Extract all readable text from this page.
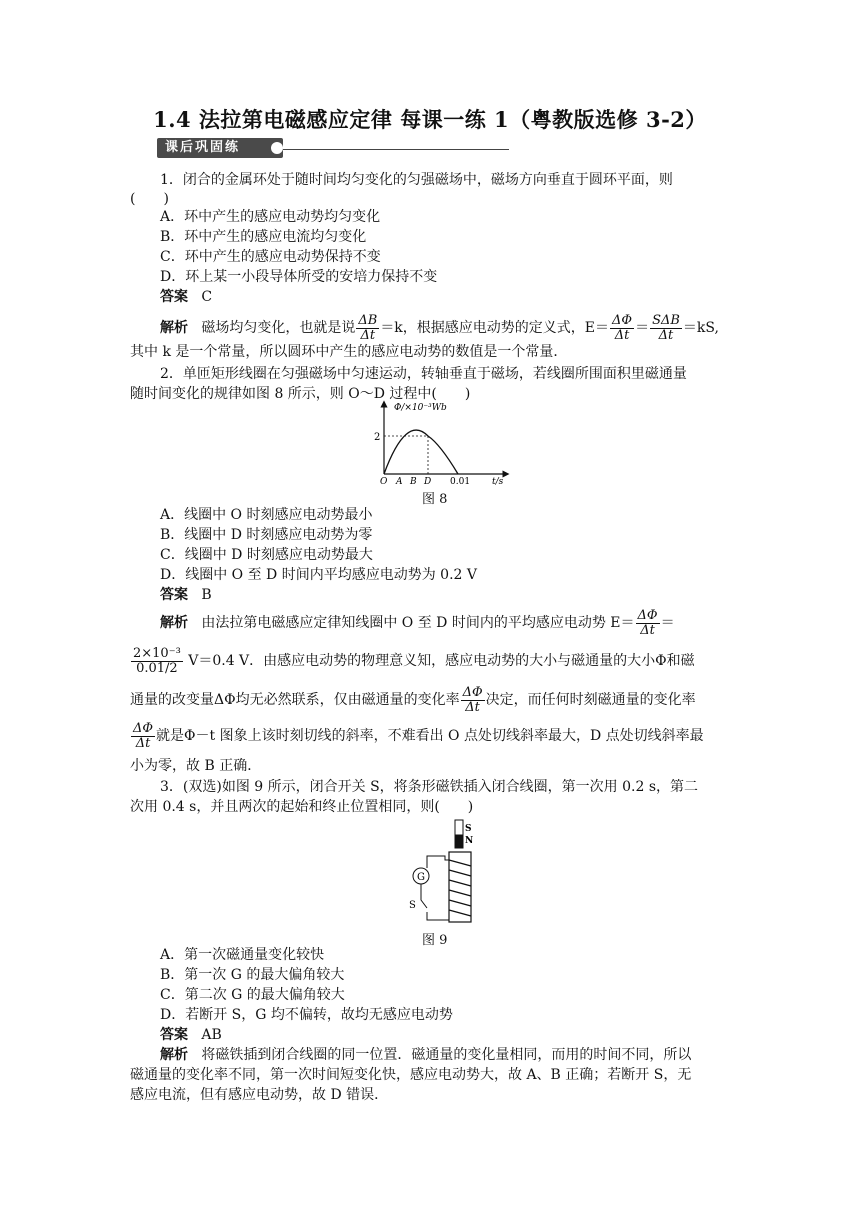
1.4 法拉第电磁感应定律 每课一练 1（粤教版选修 3-2）
课后巩固练
1．闭合的金属环处于随时间均匀变化的匀强磁场中，磁场方向垂直于圆环平面，则
(　　)
A．环中产生的感应电动势均匀变化
B．环中产生的感应电流均匀变化
C．环中产生的感应电动势保持不变
D．环上某一小段导体所受的安培力保持不变
答案 C
解析 磁场均匀变化，也就是说 $\frac{\Delta B}{\Delta t} =k$，根据感应电动势的定义式，$E= \frac{\Delta\Phi}{\Delta t} = \frac{\text{SΔB}}{\Delta t} =kS$,
其中 k 是一个常量，所以圆环中产生的感应电动势的数值是一个常量．
2．单匝矩形线圈在匀强磁场中匀速运动，转轴垂直于磁场，若线圈所围面积里磁通量
随时间变化的规律如图 8 所示，则 O～D 过程中(　　)
Φ/×10⁻³Wb
2
O A B D 0.01 t/s
图 8
A．线圈中 O 时刻感应电动势最小
B．线圈中 D 时刻感应电动势为零
C．线圈中 D 时刻感应电动势最大
D．线圈中 O 至 D 时间内平均感应电动势为 0.2 V
答案 B
解析 由法拉第电磁感应定律知线圈中 O 至 D 时间内的平均感应电动势 $E= \frac{\Delta\Phi}{\Delta t}$ ＝
$\frac{\text{2×10⁻³}}{0.01/2} V=0.4$ V．由感应电动势的物理意义知，感应电动势的大小与磁通量的大小Φ和磁
通量的改变量ΔΦ均无必然联系，仅由磁通量的变化率 $\frac{\Delta\Phi}{\Delta t}$ 决定，而任何时刻磁通量的变化率
$\frac{\Delta\Phi}{\Delta t}$ 就是Φ－t 图象上该时刻切线的斜率，不难看出 O 点处切线斜率最大，D 点处切线斜率最
小为零，故 B 正确．
3．(双选)如图 9 所示，闭合开关 S，将条形磁铁插入闭合线圈，第一次用 0.2 s，第二
次用 0.4 s，并且两次的起始和终止位置相同，则(　　)
S
N
G
S
图 9
A．第一次磁通量变化较快
B．第一次 G 的最大偏角较大
C．第二次 G 的最大偏角较大
D．若断开 S，G 均不偏转，故均无感应电动势
答案 AB
解析 将磁铁插到闭合线圈的同一位置．磁通量的变化量相同，而用的时间不同，所以
磁通量的变化率不同，第一次时间短变化快，感应电动势大，故 A、B 正确；若断开 S，无
感应电流，但有感应电动势，故 D 错误．
